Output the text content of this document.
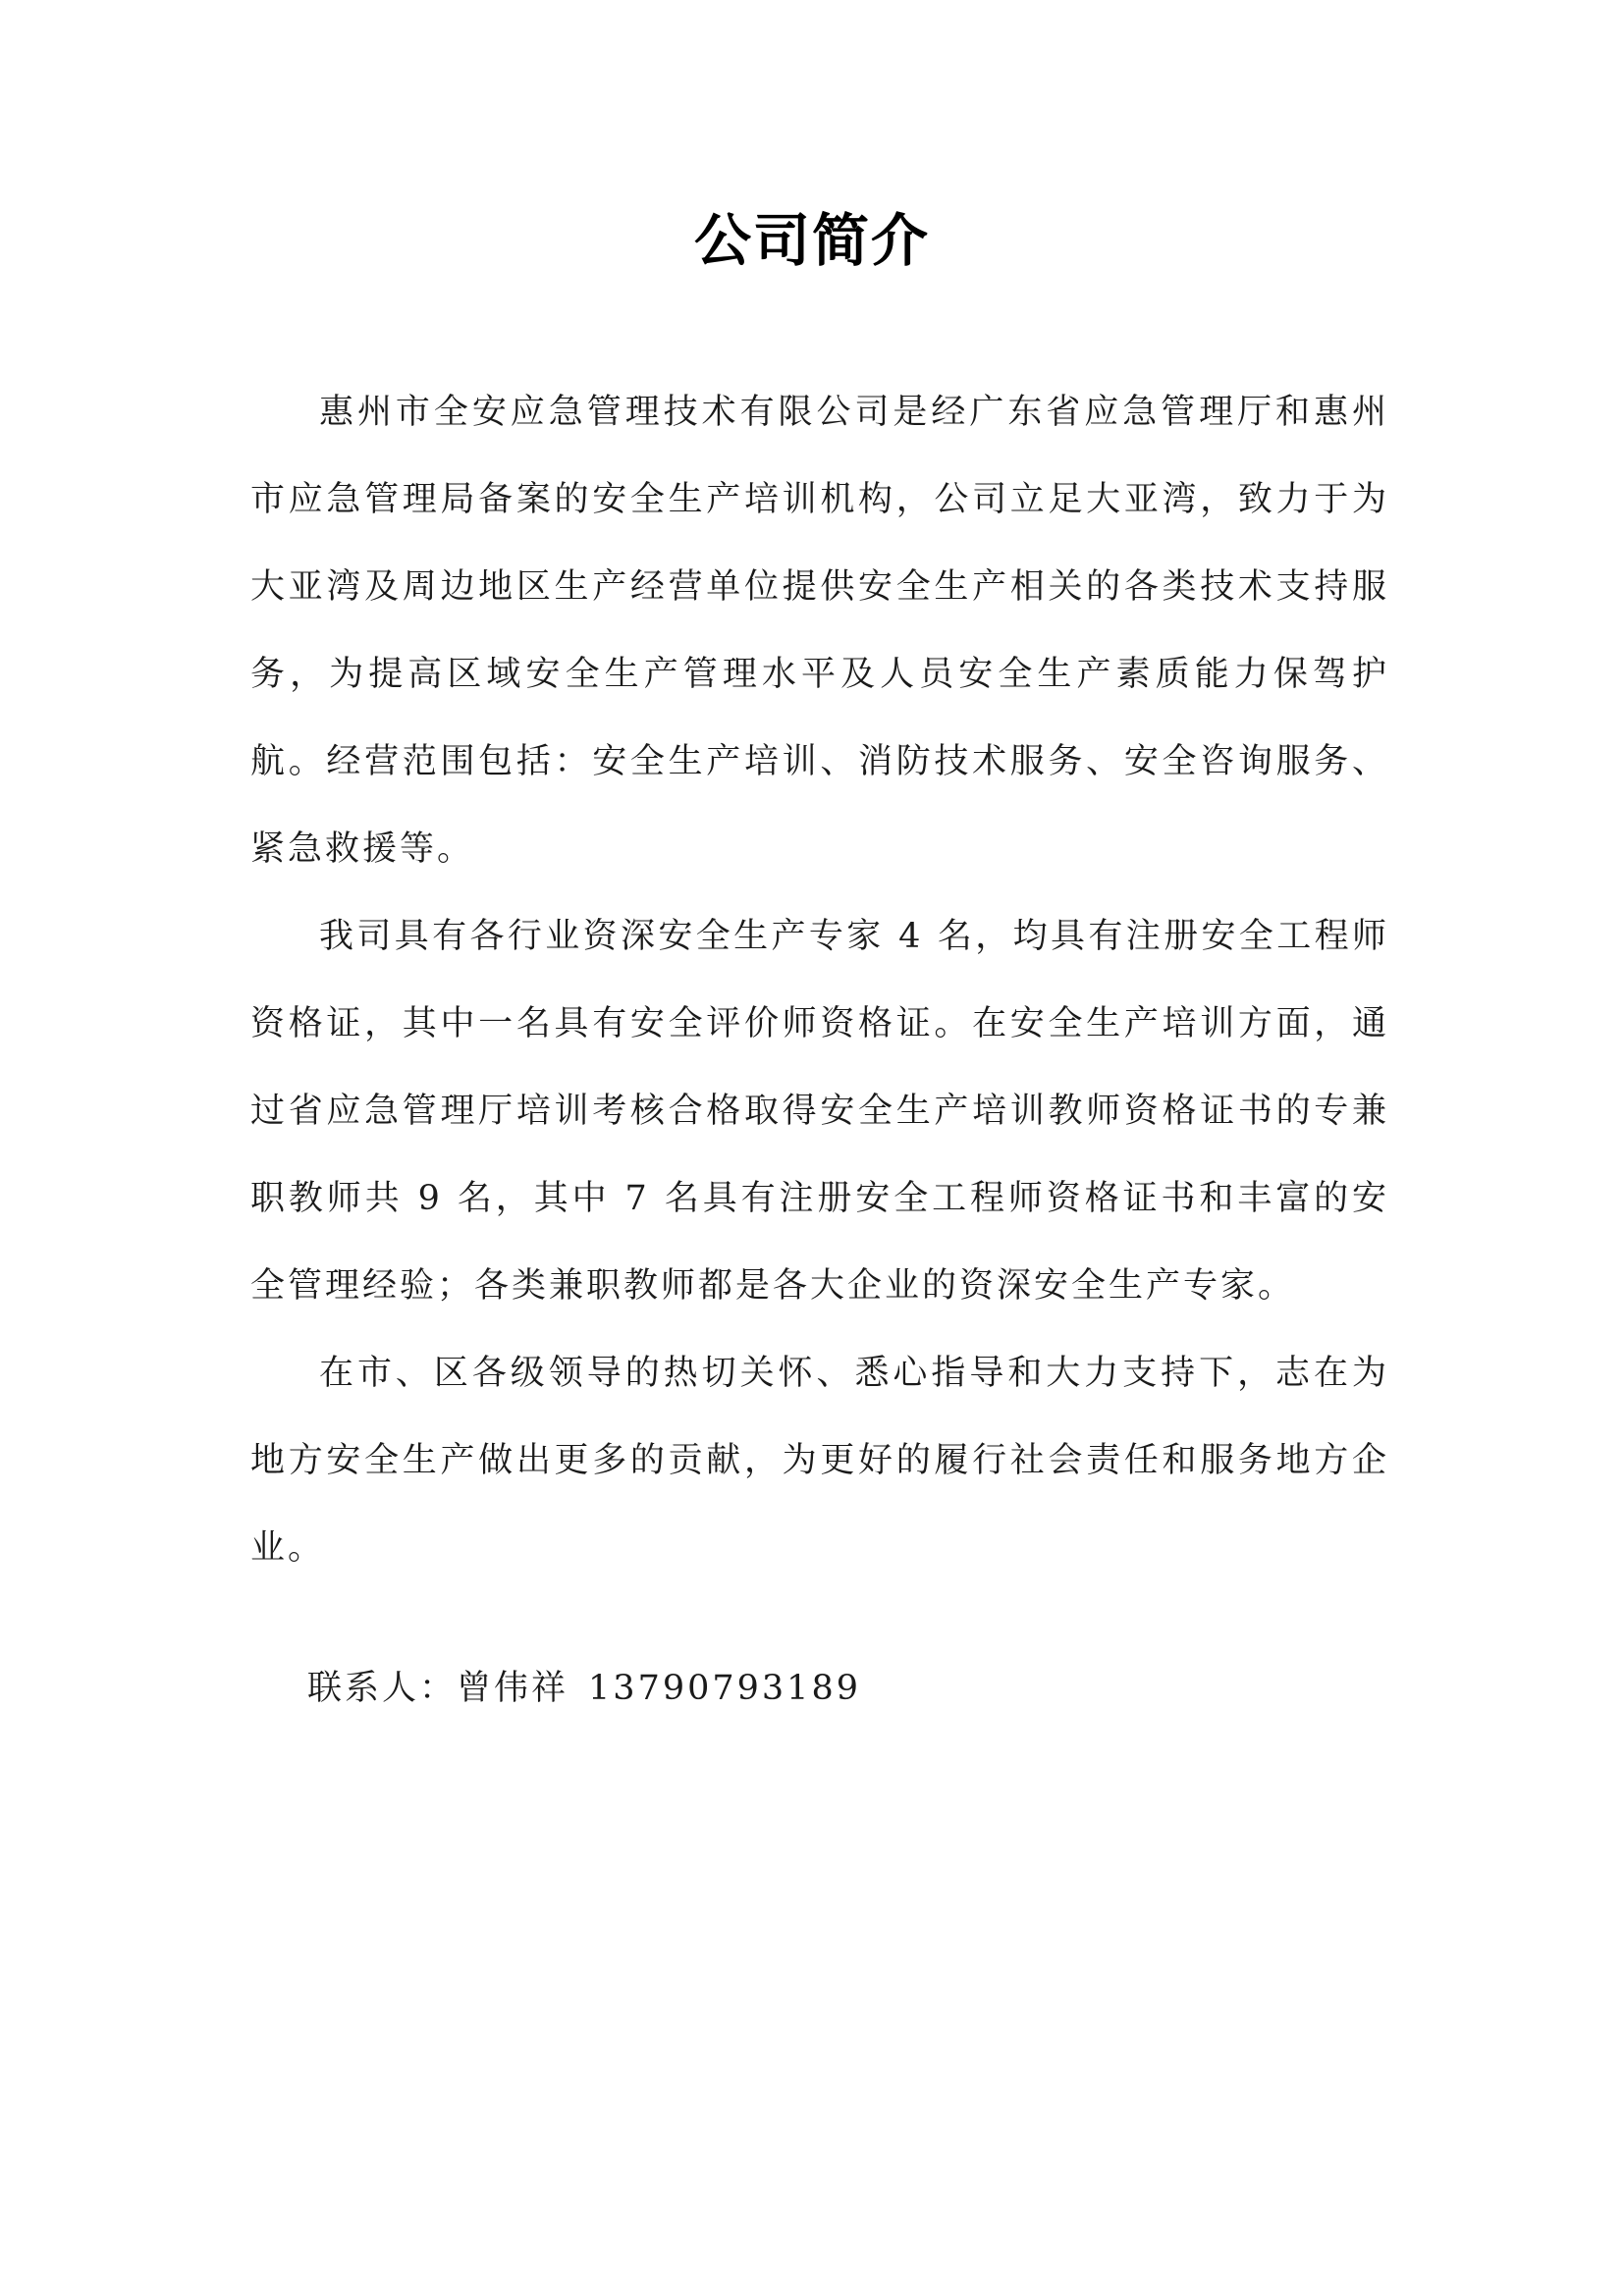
公司简介

惠州市全安应急管理技术有限公司是经广东省应急管理厅和惠州市应急管理局备案的安全生产培训机构，公司立足大亚湾，致力于为大亚湾及周边地区生产经营单位提供安全生产相关的各类技术支持服务，为提高区域安全生产管理水平及人员安全生产素质能力保驾护航。经营范围包括：安全生产培训、消防技术服务、安全咨询服务、紧急救援等。

我司具有各行业资深安全生产专家 4 名，均具有注册安全工程师资格证，其中一名具有安全评价师资格证。在安全生产培训方面，通过省应急管理厅培训考核合格取得安全生产培训教师资格证书的专兼职教师共 9 名，其中 7 名具有注册安全工程师资格证书和丰富的安全管理经验；各类兼职教师都是各大企业的资深安全生产专家。

在市、区各级领导的热切关怀、悉心指导和大力支持下，志在为地方安全生产做出更多的贡献，为更好的履行社会责任和服务地方企业。

联系人：曾伟祥 13790793189
